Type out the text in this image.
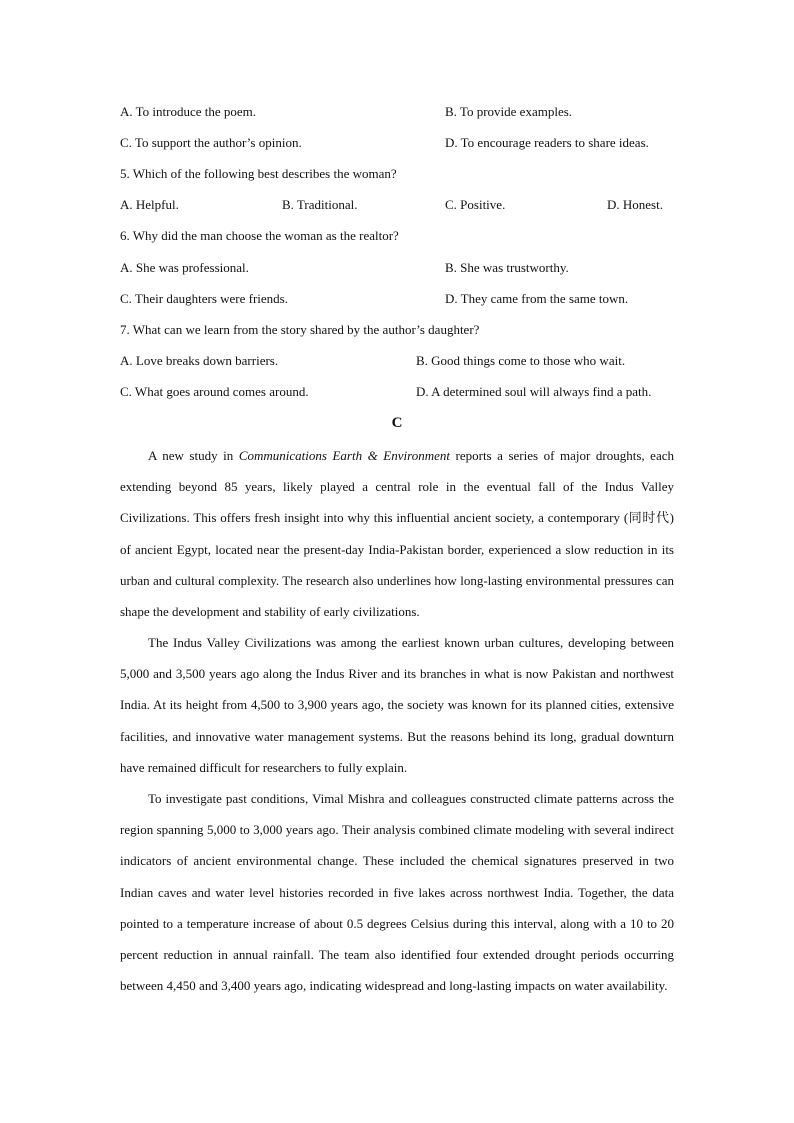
A. To introduce the poem.	B. To provide examples.
C. To support the author’s opinion.	D. To encourage readers to share ideas.
5. Which of the following best describes the woman?
A. Helpful.	B. Traditional.	C. Positive.	D. Honest.
6. Why did the man choose the woman as the realtor?
A. She was professional.	B. She was trustworthy.
C. Their daughters were friends.	D. They came from the same town.
7. What can we learn from the story shared by the author’s daughter?
A. Love breaks down barriers.	B. Good things come to those who wait.
C. What goes around comes around.	D. A determined soul will always find a path.
C

A new study in Communications Earth & Environment reports a series of major droughts, each extending beyond 85 years, likely played a central role in the eventual fall of the Indus Valley Civilizations. This offers fresh insight into why this influential ancient society, a contemporary (同时代) of ancient Egypt, located near the present-day India-Pakistan border, experienced a slow reduction in its urban and cultural complexity. The research also underlines how long-lasting environmental pressures can shape the development and stability of early civilizations.

The Indus Valley Civilizations was among the earliest known urban cultures, developing between 5,000 and 3,500 years ago along the Indus River and its branches in what is now Pakistan and northwest India. At its height from 4,500 to 3,900 years ago, the society was known for its planned cities, extensive facilities, and innovative water management systems. But the reasons behind its long, gradual downturn have remained difficult for researchers to fully explain.

To investigate past conditions, Vimal Mishra and colleagues constructed climate patterns across the region spanning 5,000 to 3,000 years ago. Their analysis combined climate modeling with several indirect indicators of ancient environmental change. These included the chemical signatures preserved in two Indian caves and water level histories recorded in five lakes across northwest India. Together, the data pointed to a temperature increase of about 0.5 degrees Celsius during this interval, along with a 10 to 20 percent reduction in annual rainfall. The team also identified four extended drought periods occurring between 4,450 and 3,400 years ago, indicating widespread and long-lasting impacts on water availability.
